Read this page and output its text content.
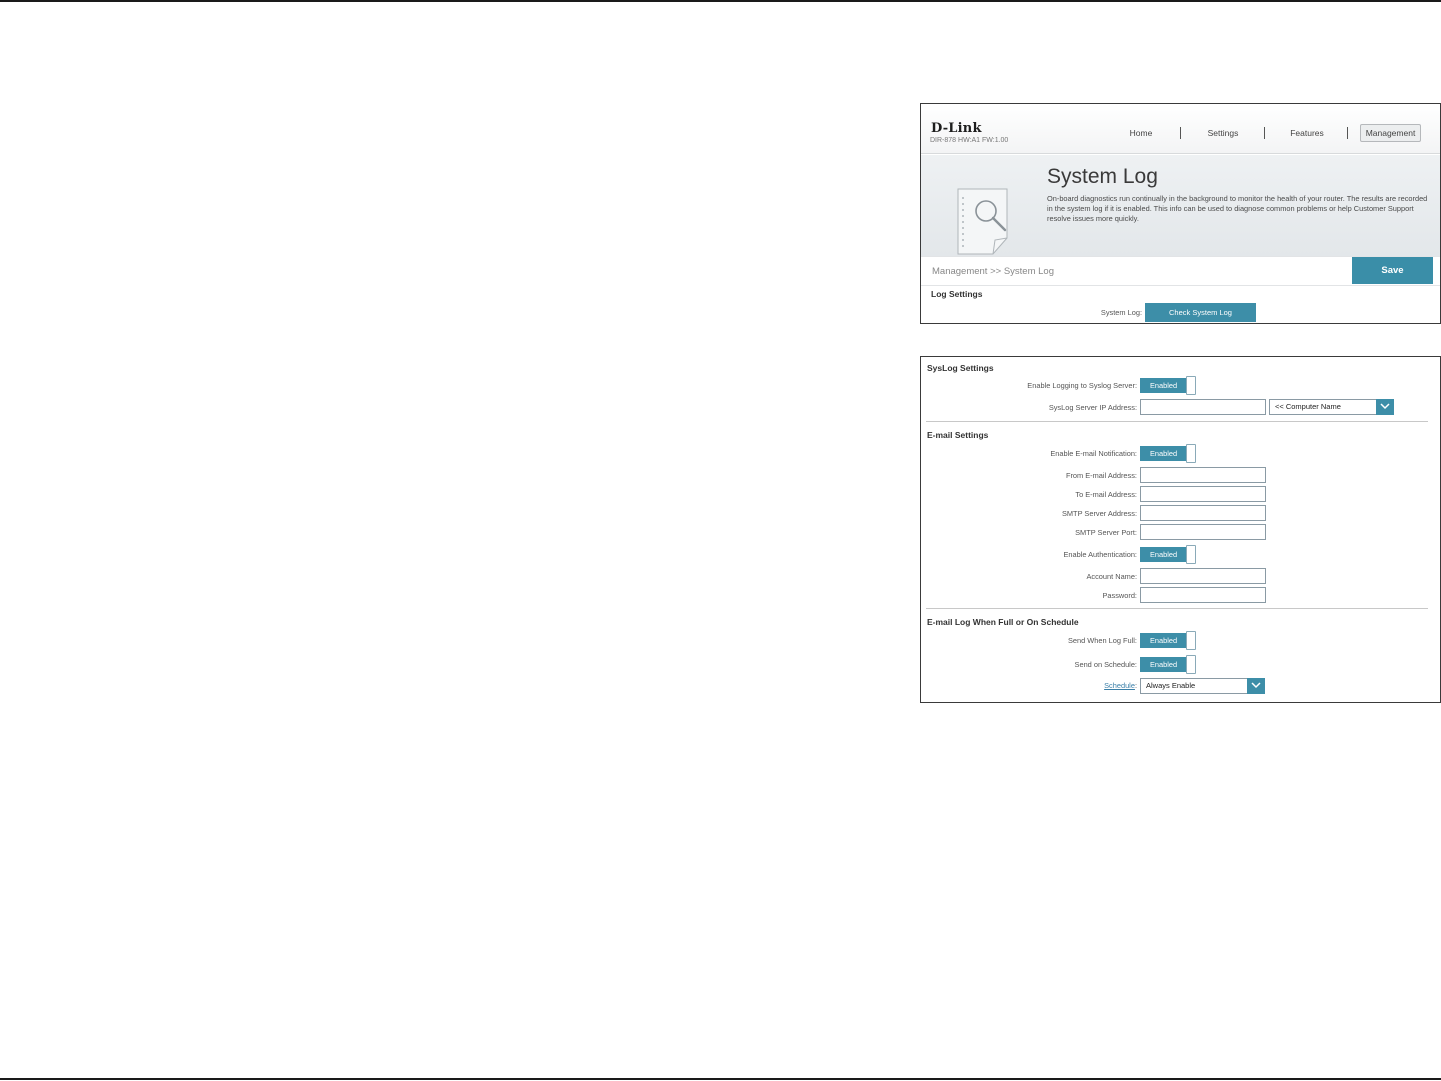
D-Link
DIR-878 HW:A1 FW:1.00
Home	Settings	Features	Management
System Log
On-board diagnostics run continually in the background to monitor the health of your router. The results are recorded in the system log if it is enabled. This info can be used to diagnose common problems or help Customer Support resolve issues more quickly.
Management >> System Log	Save
Log Settings
System Log:	Check System Log
SysLog Settings
Enable Logging to Syslog Server:	Enabled
SysLog Server IP Address:	<< Computer Name
E-mail Settings
Enable E-mail Notification:	Enabled
From E-mail Address:
To E-mail Address:
SMTP Server Address:
SMTP Server Port:
Enable Authentication:	Enabled
Account Name:
Password:
E-mail Log When Full or On Schedule
Send When Log Full:	Enabled
Send on Schedule:	Enabled
Schedule:	Always Enable
